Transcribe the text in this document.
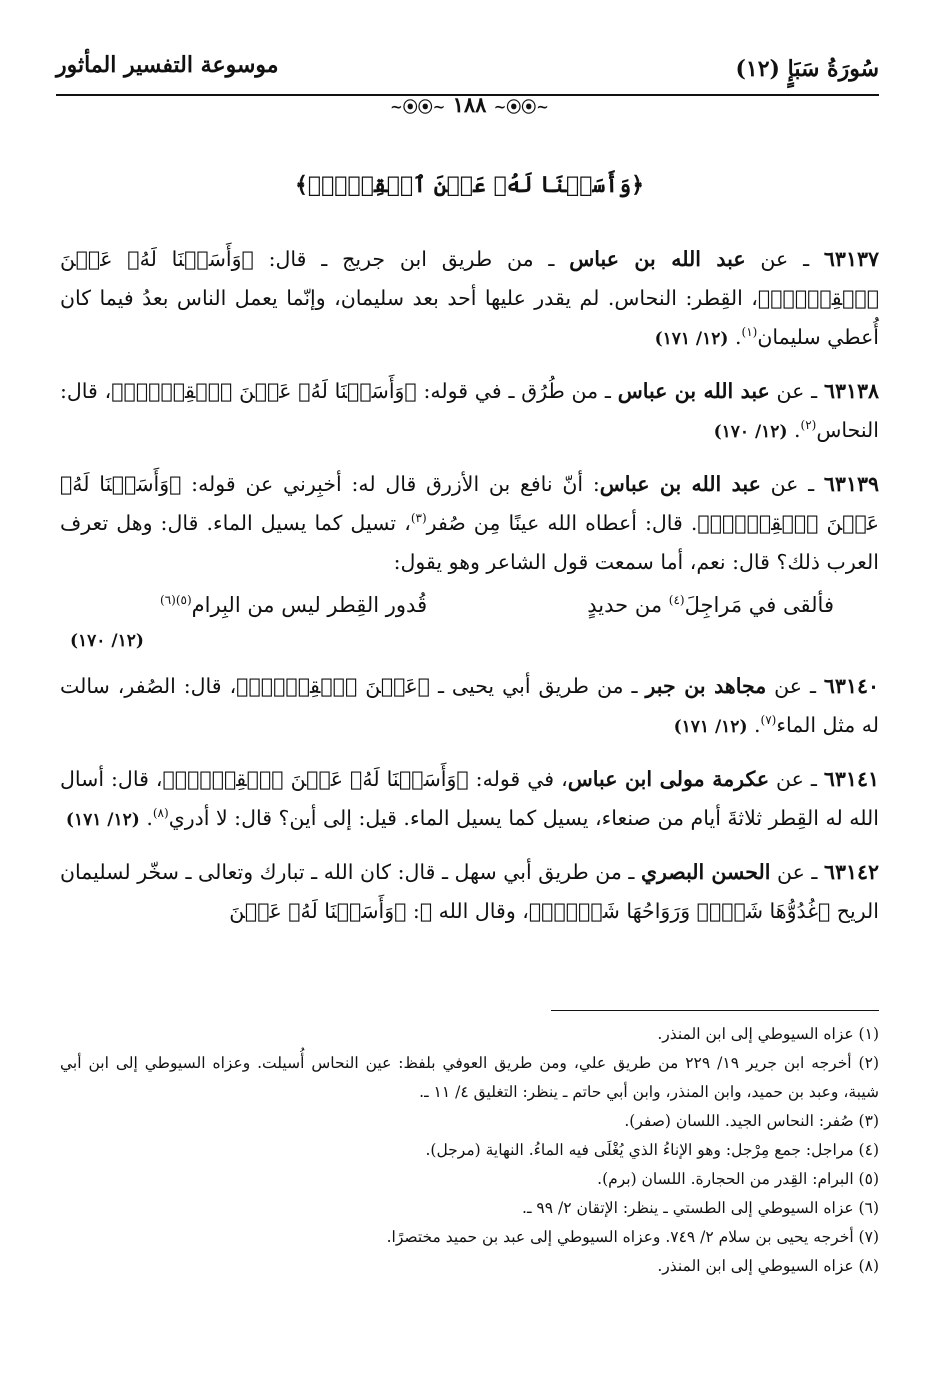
سُورَةُ سَبَإٍ (١٢)
موسوعة التفسير المأثور
~⦿⦿~ ١٨٨ ~⦿⦿~
﴿وَأَسَلۡنَا لَهُۥ عَيۡنَ ٱلۡقِطۡرِۖ﴾

٦٣١٣٧ ـ عن عبد الله بن عباس ـ من طريق ابن جريج ـ قال: ﴿وَأَسَلۡنَا لَهُۥ عَيۡنَ ٱلۡقِطۡرِۖ﴾، القِطر: النحاس. لم يقدر عليها أحد بعد سليمان، وإنّما يعمل الناس بعدُ فيما كان أُعطي سليمان$^{(١)}$. (١٢/ ١٧١)

٦٣١٣٨ ـ عن عبد الله بن عباس ـ من طُرُق ـ في قوله: ﴿وَأَسَلۡنَا لَهُۥ عَيۡنَ ٱلۡقِطۡرِۖ﴾، قال: النحاس$^{(٢)}$. (١٢/ ١٧٠)

٦٣١٣٩ ـ عن عبد الله بن عباس: أنّ نافع بن الأزرق قال له: أخبِرني عن قوله: ﴿وَأَسَلۡنَا لَهُۥ عَيۡنَ ٱلۡقِطۡرِۖ﴾. قال: أعطاه الله عينًا مِن صُفر$^{(٣)}$، تسيل كما يسيل الماء. قال: وهل تعرف العرب ذلك؟ قال: نعم، أما سمعت قول الشاعر وهو يقول:

فألقى في مَراجِلَ$^{(٤)}$ من حديدٍ
قُدور القِطر ليس من البِرام$^{(٥)(٦)}$
(١٢/ ١٧٠)

٦٣١٤٠ ـ عن مجاهد بن جبر ـ من طريق أبي يحيى ـ ﴿عَيۡنَ ٱلۡقِطۡرِۖ﴾، قال: الصُفر، سالت له مثل الماء$^{(٧)}$. (١٢/ ١٧١)

٦٣١٤١ ـ عن عكرمة مولى ابن عباس، في قوله: ﴿وَأَسَلۡنَا لَهُۥ عَيۡنَ ٱلۡقِطۡرِۖ﴾، قال: أسال الله له القِطر ثلاثةَ أيام من صنعاء، يسيل كما يسيل الماء. قيل: إلى أين؟ قال: لا أدري$^{(٨)}$. (١٢/ ١٧١)

٦٣١٤٢ ـ عن الحسن البصري ـ من طريق أبي سهل ـ قال: كان الله ـ تبارك وتعالى ـ سخّر لسليمان الريح ﴿غُدُوُّهَا شَهۡرٞ وَرَوَاحُهَا شَهۡرٞۖ﴾، وقال الله ﷻ: ﴿وَأَسَلۡنَا لَهُۥ عَيۡنَ

(١) عزاه السيوطي إلى ابن المنذر.

(٢) أخرجه ابن جرير ١٩/ ٢٢٩ من طريق علي، ومن طريق العوفي بلفظ: عين النحاس أُسيلت. وعزاه السيوطي إلى ابن أبي شيبة، وعبد بن حميد، وابن المنذر، وابن أبي حاتم ـ ينظر: التغليق ٤/ ١١ ـ.

(٣) صُفر: النحاس الجيد. اللسان (صفر).

(٤) مراجل: جمع مِرْجل: وهو الإناءُ الذي يُغْلَى فيه الماءُ. النهاية (مرجل).

(٥) البرام: القِدر من الحجارة. اللسان (برم).

(٦) عزاه السيوطي إلى الطستي ـ ينظر: الإتقان ٢/ ٩٩ ـ.

(٧) أخرجه يحيى بن سلام ٢/ ٧٤٩. وعزاه السيوطي إلى عبد بن حميد مختصرًا.

(٨) عزاه السيوطي إلى ابن المنذر.
